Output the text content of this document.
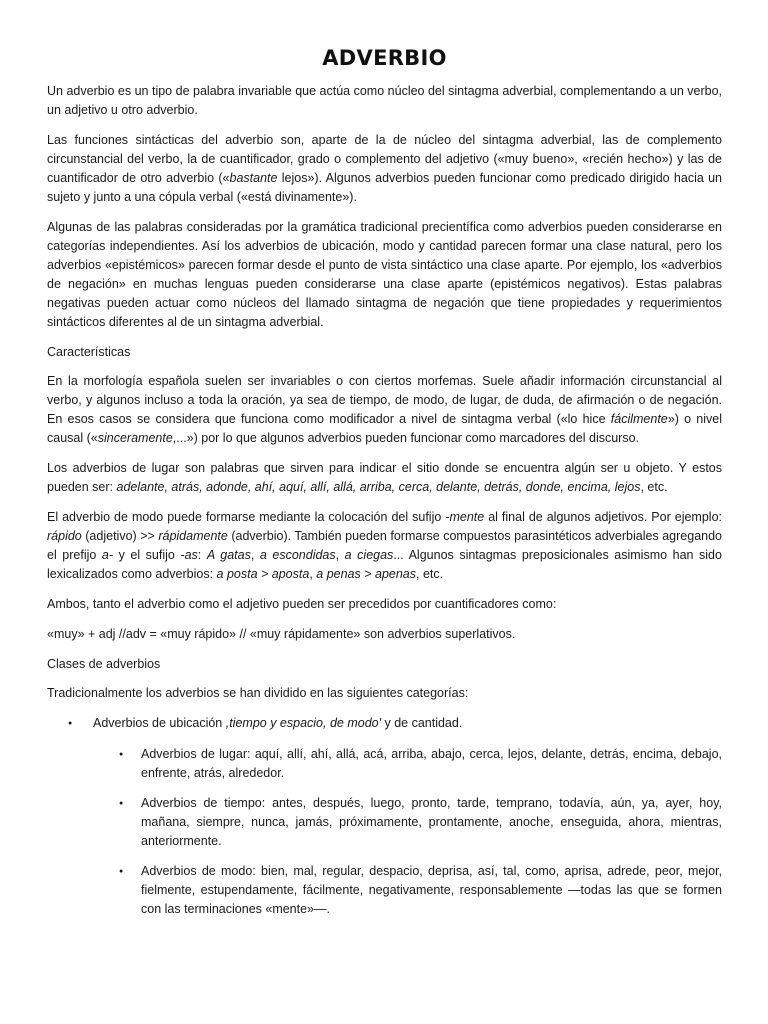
ADVERBIO

Un adverbio es un tipo de palabra invariable que actúa como núcleo del sintagma adverbial, complementando a un verbo, un adjetivo u otro adverbio.

Las funciones sintácticas del adverbio son, aparte de la de núcleo del sintagma adverbial, las de complemento circunstancial del verbo, la de cuantificador, grado o complemento del adjetivo («muy bueno», «recién hecho») y las de cuantificador de otro adverbio («bastante lejos»). Algunos adverbios pueden funcionar como predicado dirigido hacia un sujeto y junto a una cópula verbal («está divinamente»).

Algunas de las palabras consideradas por la gramática tradicional precientífica como adverbios pueden considerarse en categorías independientes. Así los adverbios de ubicación, modo y cantidad parecen formar una clase natural, pero los adverbios «epistémicos» parecen formar desde el punto de vista sintáctico una clase aparte. Por ejemplo, los «adverbios de negación» en muchas lenguas pueden considerarse una clase aparte (epistémicos negativos). Estas palabras negativas pueden actuar como núcleos del llamado sintagma de negación que tiene propiedades y requerimientos sintácticos diferentes al de un sintagma adverbial.

Características

En la morfología española suelen ser invariables o con ciertos morfemas. Suele añadir información circunstancial al verbo, y algunos incluso a toda la oración, ya sea de tiempo, de modo, de lugar, de duda, de afirmación o de negación. En esos casos se considera que funciona como modificador a nivel de sintagma verbal («lo hice fácilmente») o nivel causal («sinceramente,...») por lo que algunos adverbios pueden funcionar como marcadores del discurso.

Los adverbios de lugar son palabras que sirven para indicar el sitio donde se encuentra algún ser u objeto. Y estos pueden ser: adelante, atrás, adonde, ahí, aquí, allí, allá, arriba, cerca, delante, detrás, donde, encima, lejos, etc.

El adverbio de modo puede formarse mediante la colocación del sufijo -mente al final de algunos adjetivos. Por ejemplo: rápido (adjetivo) >> rápidamente (adverbio). También pueden formarse compuestos parasintéticos adverbiales agregando el prefijo a- y el sufijo -as: A gatas, a escondidas, a ciegas... Algunos sintagmas preposicionales asimismo han sido lexicalizados como adverbios: a posta > aposta, a penas > apenas, etc.

Ambos, tanto el adverbio como el adjetivo pueden ser precedidos por cuantificadores como:

«muy» + adj //adv = «muy rápido» // «muy rápidamente» son adverbios superlativos.

Clases de adverbios

Tradicionalmente los adverbios se han dividido en las siguientes categorías:

● Adverbios de ubicación ,tiempo y espacio, de modo' y de cantidad.
● Adverbios de lugar: aquí, allí, ahí, allá, acá, arriba, abajo, cerca, lejos, delante, detrás, encima, debajo, enfrente, atrás, alrededor.
● Adverbios de tiempo: antes, después, luego, pronto, tarde, temprano, todavía, aún, ya, ayer, hoy, mañana, siempre, nunca, jamás, próximamente, prontamente, anoche, enseguida, ahora, mientras, anteriormente.
● Adverbios de modo: bien, mal, regular, despacio, deprisa, así, tal, como, aprisa, adrede, peor, mejor, fielmente, estupendamente, fácilmente, negativamente, responsablemente —todas las que se formen con las terminaciones «mente»—.
